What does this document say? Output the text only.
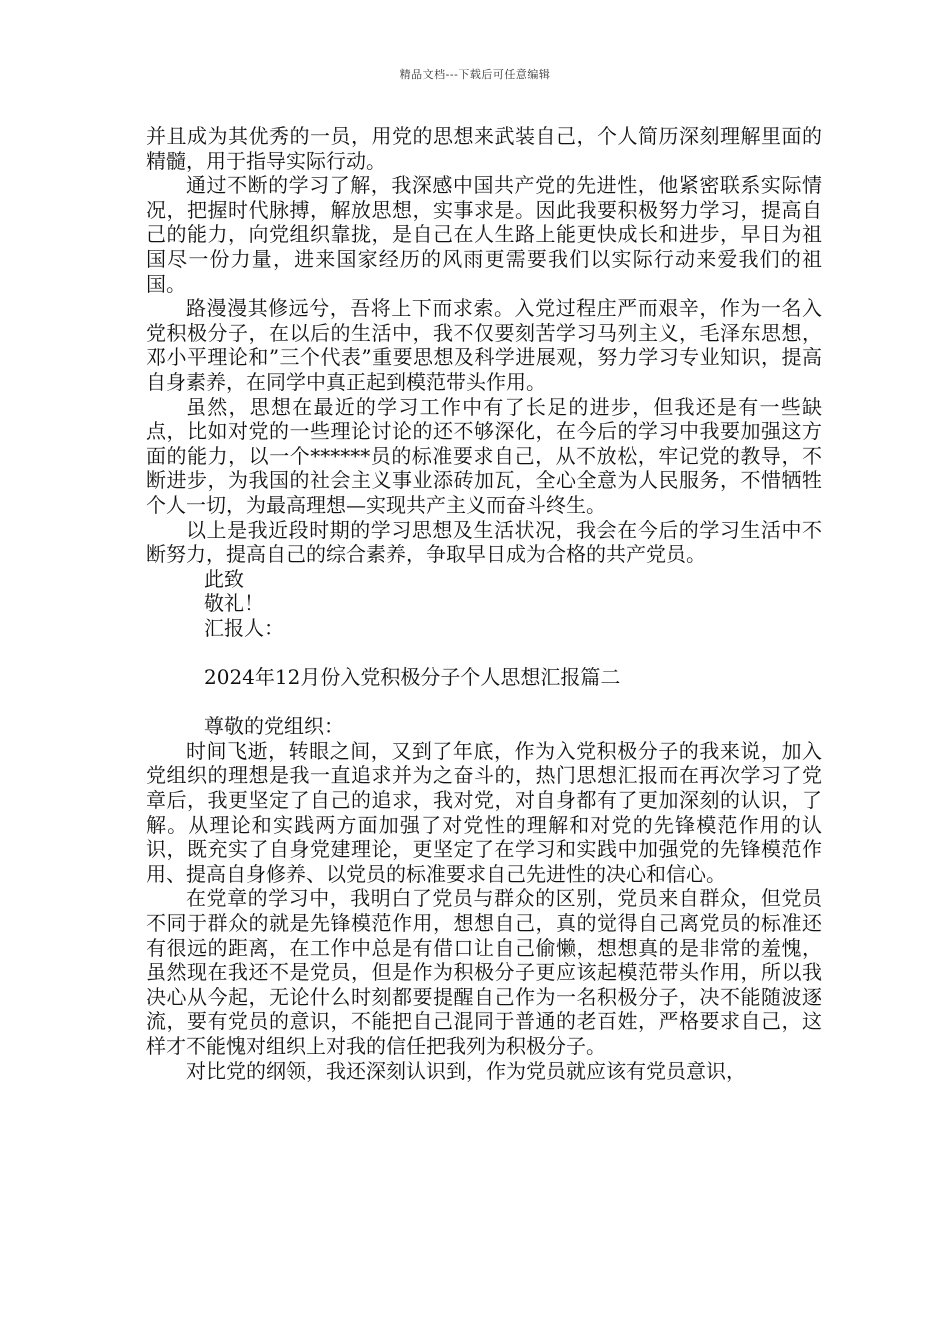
精品文档---下载后可任意编辑

并且成为其优秀的一员，用党的思想来武装自己，个人简历深刻理解里面的精髓，用于指导实际行动。

通过不断的学习了解，我深感中国共产党的先进性，他紧密联系实际情况，把握时代脉搏，解放思想，实事求是。因此我要积极努力学习，提高自己的能力，向党组织靠拢，是自己在人生路上能更快成长和进步，早日为祖国尽一份力量，进来国家经历的风雨更需要我们以实际行动来爱我们的祖国。

路漫漫其修远兮，吾将上下而求索。入党过程庄严而艰辛，作为一名入党积极分子，在以后的生活中，我不仅要刻苦学习马列主义，毛泽东思想，邓小平理论和”三个代表”重要思想及科学进展观，努力学习专业知识，提高自身素养，在同学中真正起到模范带头作用。

虽然，思想在最近的学习工作中有了长足的进步，但我还是有一些缺点，比如对党的一些理论讨论的还不够深化，在今后的学习中我要加强这方面的能力，以一个******员的标准要求自己，从不放松，牢记党的教导，不断进步，为我国的社会主义事业添砖加瓦，全心全意为人民服务，不惜牺牲个人一切，为最高理想—实现共产主义而奋斗终生。

以上是我近段时期的学习思想及生活状况，我会在今后的学习生活中不断努力，提高自己的综合素养，争取早日成为合格的共产党员。

此致

敬礼！

汇报人：

2024年12月份入党积极分子个人思想汇报篇二

尊敬的党组织：

时间飞逝，转眼之间，又到了年底，作为入党积极分子的我来说，加入党组织的理想是我一直追求并为之奋斗的，热门思想汇报而在再次学习了党章后，我更坚定了自己的追求，我对党，对自身都有了更加深刻的认识，了解。从理论和实践两方面加强了对党性的理解和对党的先锋模范作用的认识，既充实了自身党建理论，更坚定了在学习和实践中加强党的先锋模范作用、提高自身修养、以党员的标准要求自己先进性的决心和信心。

在党章的学习中，我明白了党员与群众的区别，党员来自群众，但党员不同于群众的就是先锋模范作用，想想自己，真的觉得自己离党员的标准还有很远的距离，在工作中总是有借口让自己偷懒，想想真的是非常的羞愧，虽然现在我还不是党员，但是作为积极分子更应该起模范带头作用，所以我决心从今起，无论什么时刻都要提醒自己作为一名积极分子，决不能随波逐流，要有党员的意识，不能把自己混同于普通的老百姓，严格要求自己，这样才不能愧对组织上对我的信任把我列为积极分子。

对比党的纲领，我还深刻认识到，作为党员就应该有党员意识，
